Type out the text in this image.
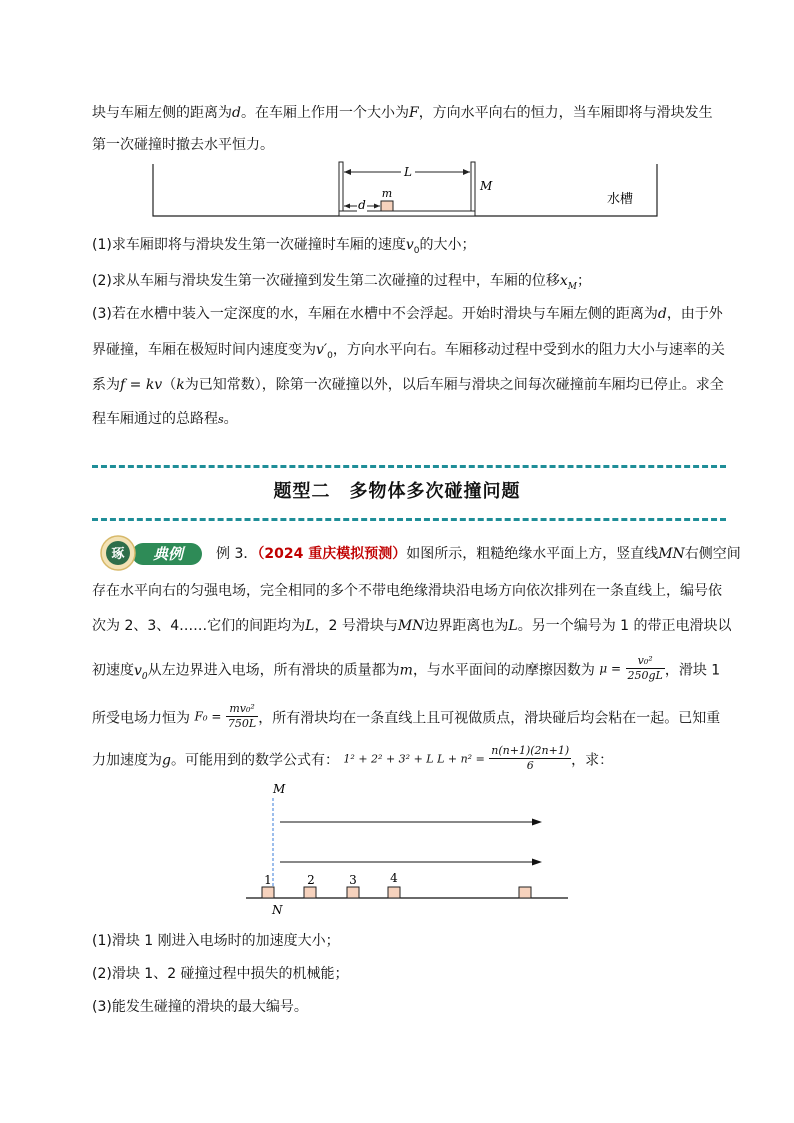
块与车厢左侧的距离为d。在车厢上作用一个大小为F，方向水平向右的恒力，当车厢即将与滑块发生
第一次碰撞时撤去水平恒力。
L
d
m
M
水槽
(1)求车厢即将与滑块发生第一次碰撞时车厢的速度$v_0$的大小；
(2)求从车厢与滑块发生第一次碰撞到发生第二次碰撞的过程中，车厢的位移$x_M$；
(3)若在水槽中装入一定深度的水，车厢在水槽中不会浮起。开始时滑块与车厢左侧的距离为d，由于外
界碰撞，车厢在极短时间内速度变为$v'_0$，方向水平向右。车厢移动过程中受到水的阻力大小与速率的关
系为f = kv（k为已知常数），除第一次碰撞以外，以后车厢与滑块之间每次碰撞前车厢均已停止。求全
程车厢通过的总路程s。
题型二　多物体多次碰撞问题
琢 典例 例 3．（2024 重庆模拟预测）如图所示，粗糙绝缘水平面上方，竖直线MN右侧空间
存在水平向右的匀强电场，完全相同的多个不带电绝缘滑块沿电场方向依次排列在一条直线上，编号依
次为 2、3、4……它们的间距均为L，2 号滑块与MN边界距离也为L。另一个编号为 1 的带正电滑块以
初速度$v_0$从左边界进入电场，所有滑块的质量都为m，与水平面间的动摩擦因数为 $\mu = \frac{\text{v₀²}}{250gL}$ ，滑块 1
所受电场力恒为 $F_0 = \frac{\text{mv₀²}}{750L}$ ，所有滑块均在一条直线上且可视做质点，滑块碰后均会粘在一起。已知重
力加速度为g。可能用到的数学公式有： 1² + 2² + 3² + L $L + n^2 = \frac{n(n+1)(2n+1)}{6}$ ，求：
M
1	2	3	4
N
(1)滑块 1 刚进入电场时的加速度大小；
(2)滑块 1、2 碰撞过程中损失的机械能；
(3)能发生碰撞的滑块的最大编号。
